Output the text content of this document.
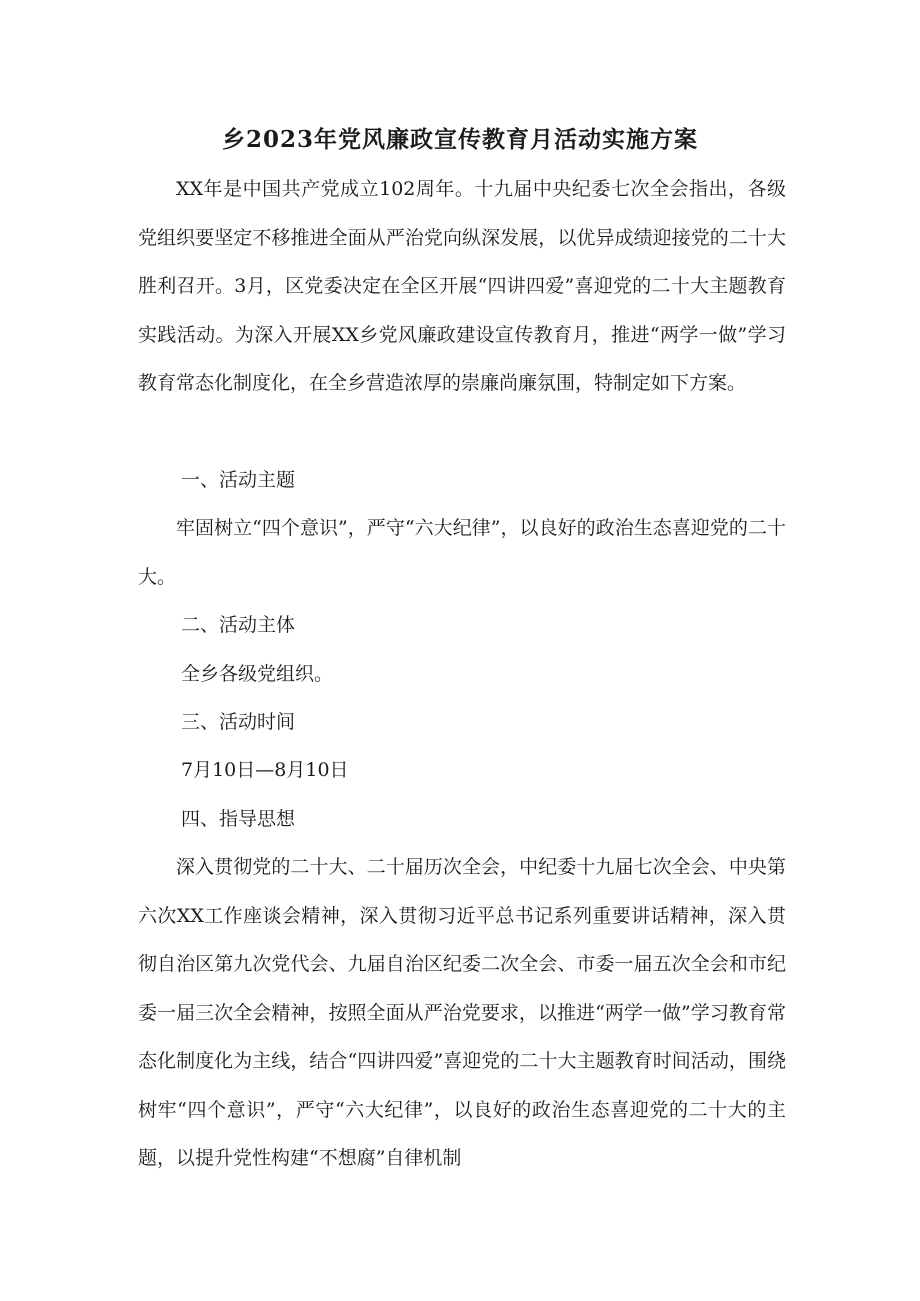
乡2023年党风廉政宣传教育月活动实施方案

XX年是中国共产党成立102周年。十九届中央纪委七次全会指出，各级党组织要坚定不移推进全面从严治党向纵深发展，以优异成绩迎接党的二十大胜利召开。3月，区党委决定在全区开展“四讲四爱”喜迎党的二十大主题教育实践活动。为深入开展XX乡党风廉政建设宣传教育月，推进“两学一做”学习教育常态化制度化，在全乡营造浓厚的崇廉尚廉氛围，特制定如下方案。

一、活动主题

牢固树立“四个意识”，严守“六大纪律”，以良好的政治生态喜迎党的二十大。

二、活动主体

全乡各级党组织。

三、活动时间

7月10日—8月10日

四、指导思想

深入贯彻党的二十大、二十届历次全会，中纪委十九届七次全会、中央第六次XX工作座谈会精神，深入贯彻习近平总书记系列重要讲话精神，深入贯彻自治区第九次党代会、九届自治区纪委二次全会、市委一届五次全会和市纪委一届三次全会精神，按照全面从严治党要求，以推进“两学一做”学习教育常态化制度化为主线，结合“四讲四爱”喜迎党的二十大主题教育时间活动，围绕树牢“四个意识”，严守“六大纪律”，以良好的政治生态喜迎党的二十大的主题，以提升党性构建“不想腐”自律机制
